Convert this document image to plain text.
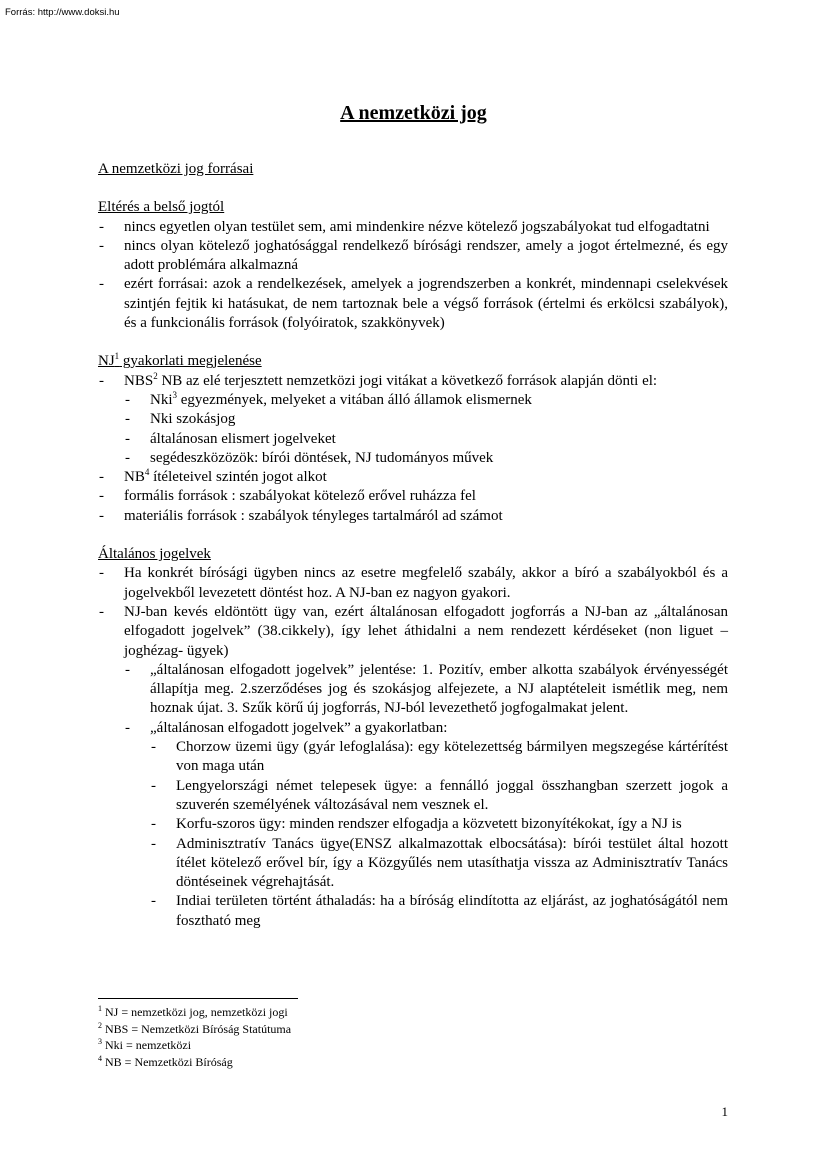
Forrás: http://www.doksi.hu
A nemzetközi jog
A nemzetközi jog forrásai
Eltérés a belső jogtól
- nincs egyetlen olyan testület sem, ami mindenkire nézve kötelező jogszabályokat tud elfogadtatni
- nincs olyan kötelező joghatósággal rendelkező bírósági rendszer, amely a jogot értelmezné, és egy adott problémára alkalmazná
- ezért forrásai: azok a rendelkezések, amelyek a jogrendszerben a konkrét, mindennapi cselekvések szintjén fejtik ki hatásukat, de nem tartoznak bele a végső források (értelmi és erkölcsi szabályok), és a funkcionális források (folyóiratok, szakkönyvek)
$NJ^1$ gyakorlati megjelenése
- NBS$^2$ NB az elé terjesztett nemzetközi jogi vitákat a következő források alapján dönti el:
- Nki$^3$ egyezmények, melyeket a vitában álló államok elismernek
- Nki szokásjog
- általánosan elismert jogelveket
- segédeszközözök: bírói döntések, NJ tudományos művek
- $NB^4$ ítéleteivel szintén jogot alkot
- formális források : szabályokat kötelező erővel ruházza fel
- materiális források : szabályok tényleges tartalmáról ad számot
Általános jogelvek
- Ha konkrét bírósági ügyben nincs az esetre megfelelő szabály, akkor a bíró a szabályokból és a jogelvekből levezetett döntést hoz. A NJ-ban ez nagyon gyakori.
- NJ-ban kevés eldöntött ügy van, ezért általánosan elfogadott jogforrás a NJ-ban az „általánosan elfogadott jogelvek” (38.cikkely), így lehet áthidalni a nem rendezett kérdéseket (non liguet – joghézag- ügyek)
- „általánosan elfogadott jogelvek” jelentése: 1. Pozitív, ember alkotta szabályok érvényességét állapítja meg. 2.szerződéses jog és szokásjog alfejezete, a NJ alaptételeit ismétlik meg, nem hoznak újat. 3. Szűk körű új jogforrás, NJ-ból levezethető jogfogalmakat jelent.
- „általánosan elfogadott jogelvek” a gyakorlatban:
- Chorzow üzemi ügy (gyár lefoglalása): egy kötelezettség bármilyen megszegése kártérítést von maga után
- Lengyelországi német telepesek ügye: a fennálló joggal összhangban szerzett jogok a szuverén személyének változásával nem vesznek el.
- Korfu-szoros ügy: minden rendszer elfogadja a közvetett bizonyítékokat, így a NJ is
- Adminisztratív Tanács ügye(ENSZ alkalmazottak elbocsátása): bírói testület által hozott ítélet kötelező erővel bír, így a Közgyűlés nem utasíthatja vissza az Adminisztratív Tanács döntéseinek végrehajtását.
- Indiai területen történt áthaladás: ha a bíróság elindította az eljárást, az joghatóságától nem fosztható meg
$^1$ NJ = nemzetközi jog, nemzetközi jogi
$^2$ NBS = Nemzetközi Bíróság Statútuma
$^3$ Nki = nemzetközi
$^4$ NB = Nemzetközi Bíróság
1
